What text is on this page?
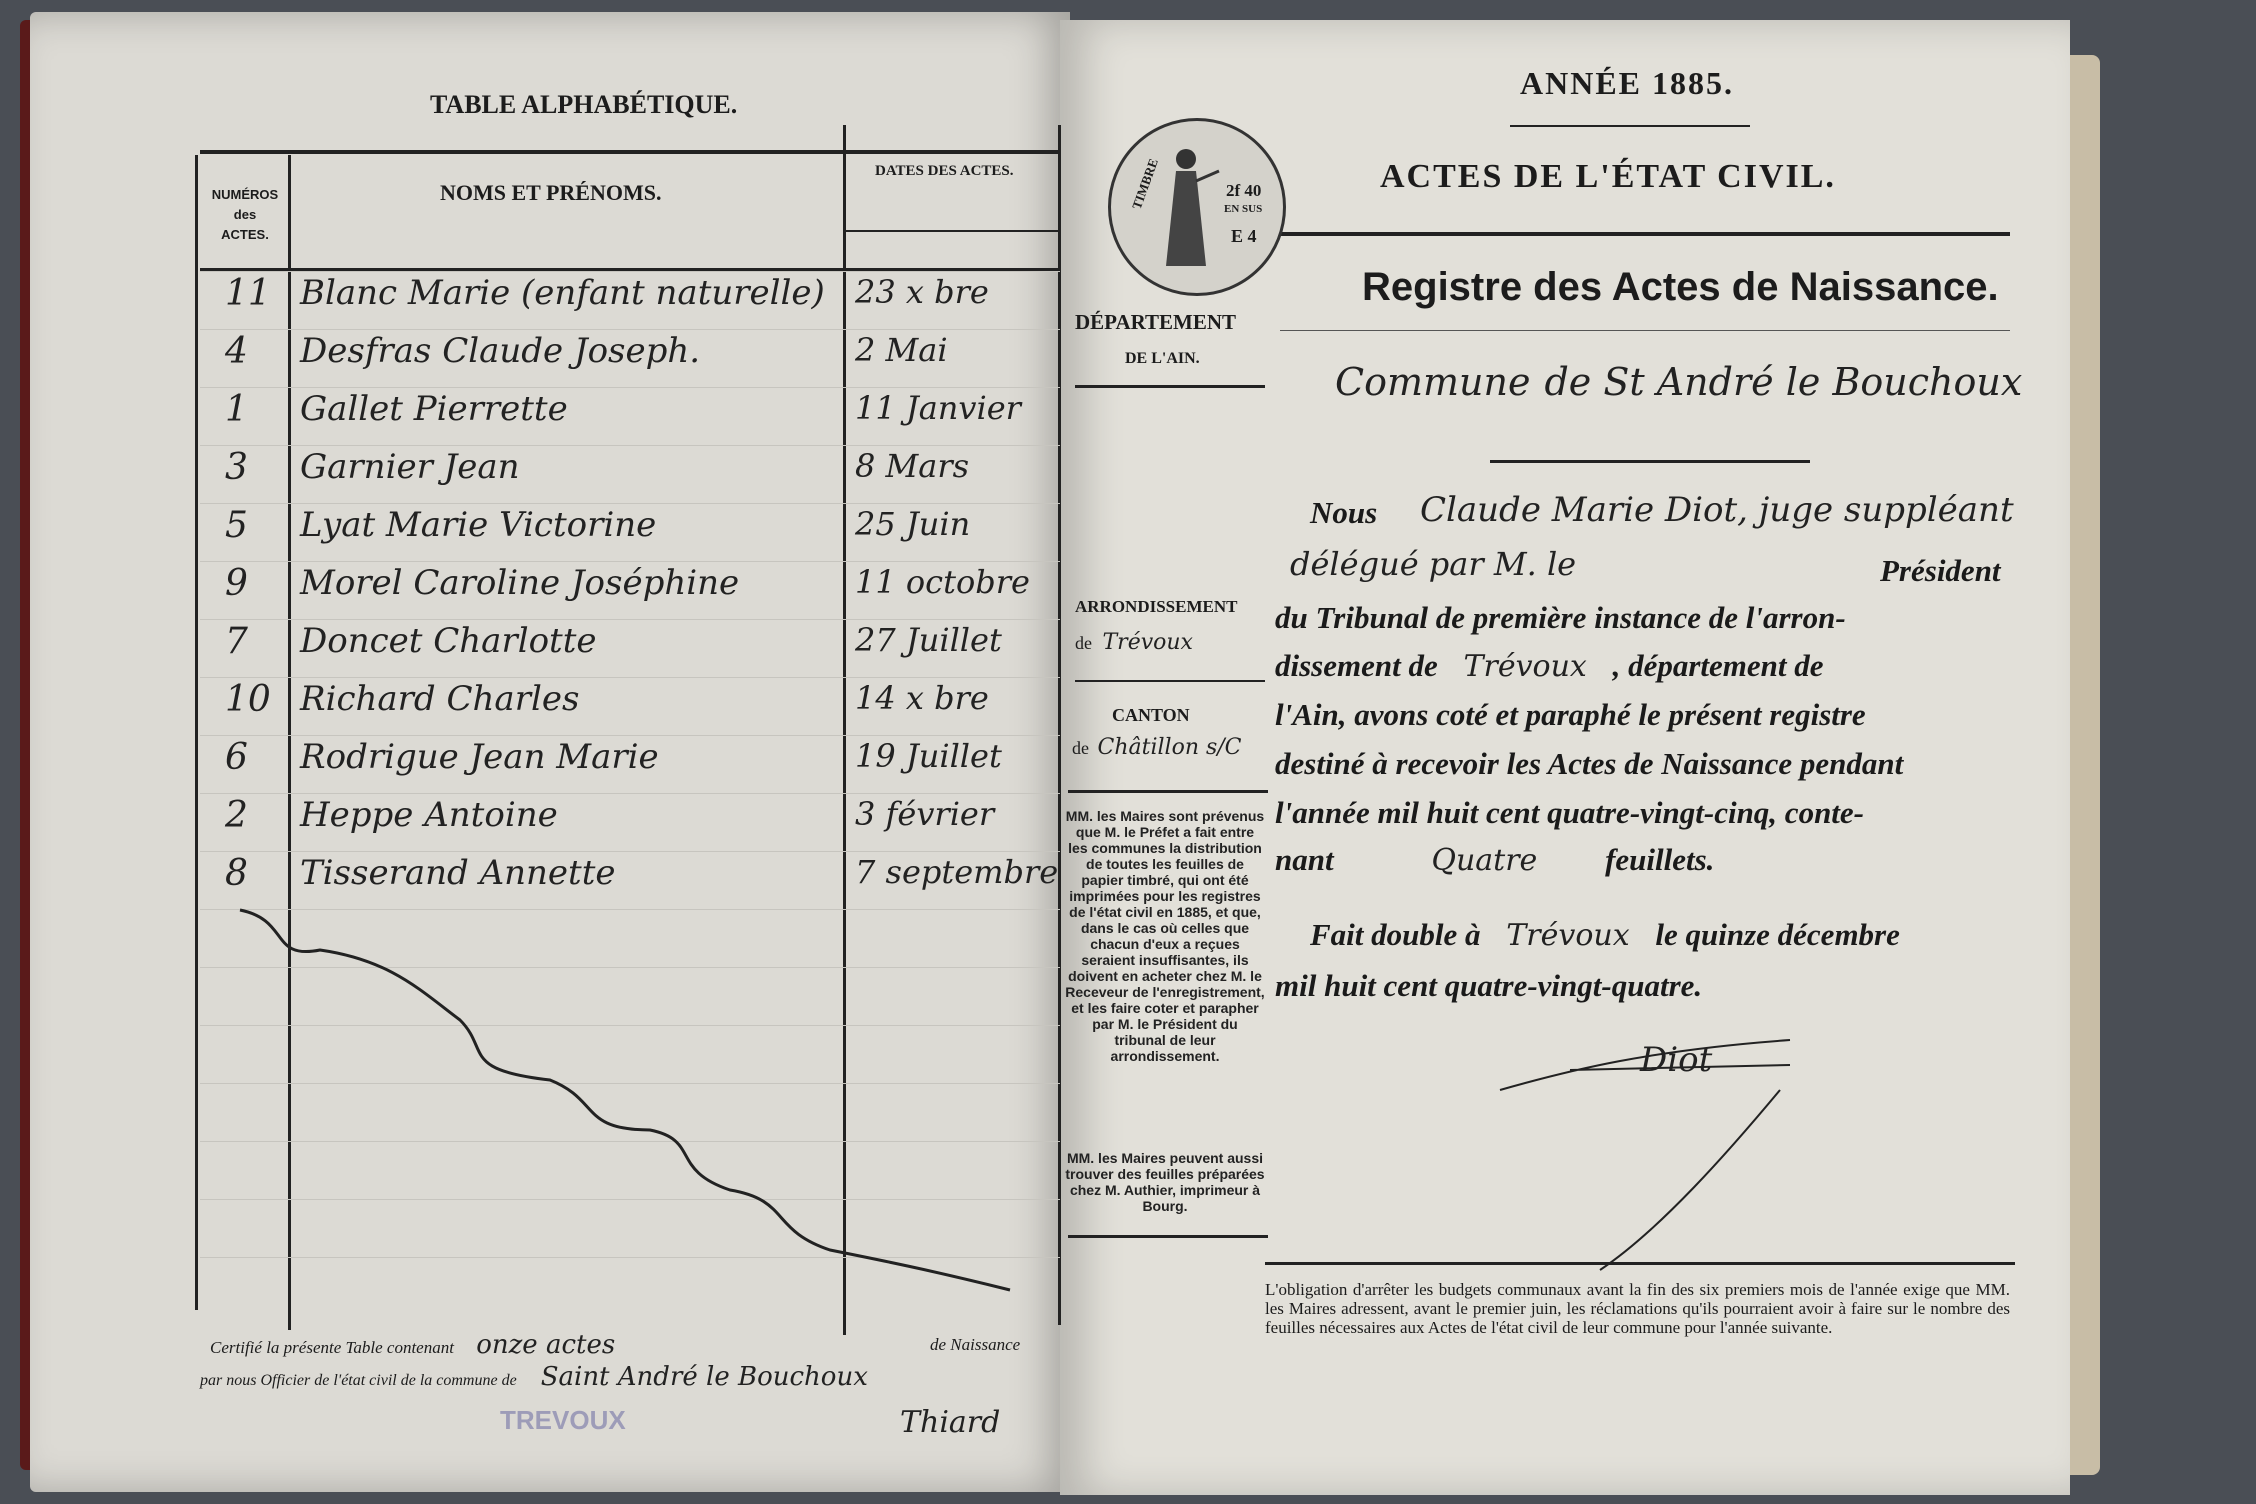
TABLE ALPHABÉTIQUE.
NUMÉROS
des
ACTES.
NOMS ET PRÉNOMS.
DATES DES ACTES.
11 Blanc Marie (enfant naturelle) 23 x bre
4 Desfras Claude Joseph.	2 Mai
1 Gallet Pierrette	11 Janvier
3 Garnier Jean	8 Mars
5 Lyat Marie Victorine	25 Juin
9 Morel Caroline Joséphine	11 octobre
7 Doncet Charlotte	27 Juillet
10 Richard Charles	14 x bre
6 Rodrigue Jean Marie	19 Juillet
2 Heppe Antoine	3 février
8 Tisserand Annette	7 septembre
Certifié la présente Table contenant onze actes	de Naissance
par nous Officier de l'état civil de la commune de Saint André le Bouchoux
Thiard
TREVOUX
ANNÉE 1885.
ACTES DE L'ÉTAT CIVIL.
Registre des Actes de Naissance.
Commune de St André le Bouchoux
TIMBRE	2f 40
EN SUS
E 4
DÉPARTEMENT
DE L'AIN.
ARRONDISSEMENT
de Trévoux
CANTON
de Châtillon s/C
MM. les Maires sont prévenus que M. le Préfet a fait entre les communes la distribution de toutes les feuilles de papier timbré, qui ont été imprimées pour les registres de l'état civil en 1885, et que, dans le cas où celles que chacun d'eux a reçues seraient insuffisantes, ils doivent en acheter chez M. le Receveur de l'enregistrement, et les faire coter et parapher par M. le Président du tribunal de leur arrondissement.
MM. les Maires peuvent aussi trouver des feuilles préparées chez M. Authier, imprimeur à Bourg.
Nous Claude Marie Diot, juge suppléant
délégué par M. le	Président
du Tribunal de première instance de l'arron-
dissement de Trévoux , département de
l'Ain, avons coté et paraphé le présent registre
destiné à recevoir les Actes de Naissance pendant
l'année mil huit cent quatre-vingt-cinq, conte-
nant	Quatre feuillets.
Fait double à Trévoux le quinze décembre
mil huit cent quatre-vingt-quatre.
Diot
L'obligation d'arrêter les budgets communaux avant la fin des six premiers mois de l'année exige que MM. les Maires adressent, avant le premier juin, les réclamations qu'ils pourraient avoir à faire sur le nombre des feuilles nécessaires aux Actes de l'état civil de leur commune pour l'année suivante.
